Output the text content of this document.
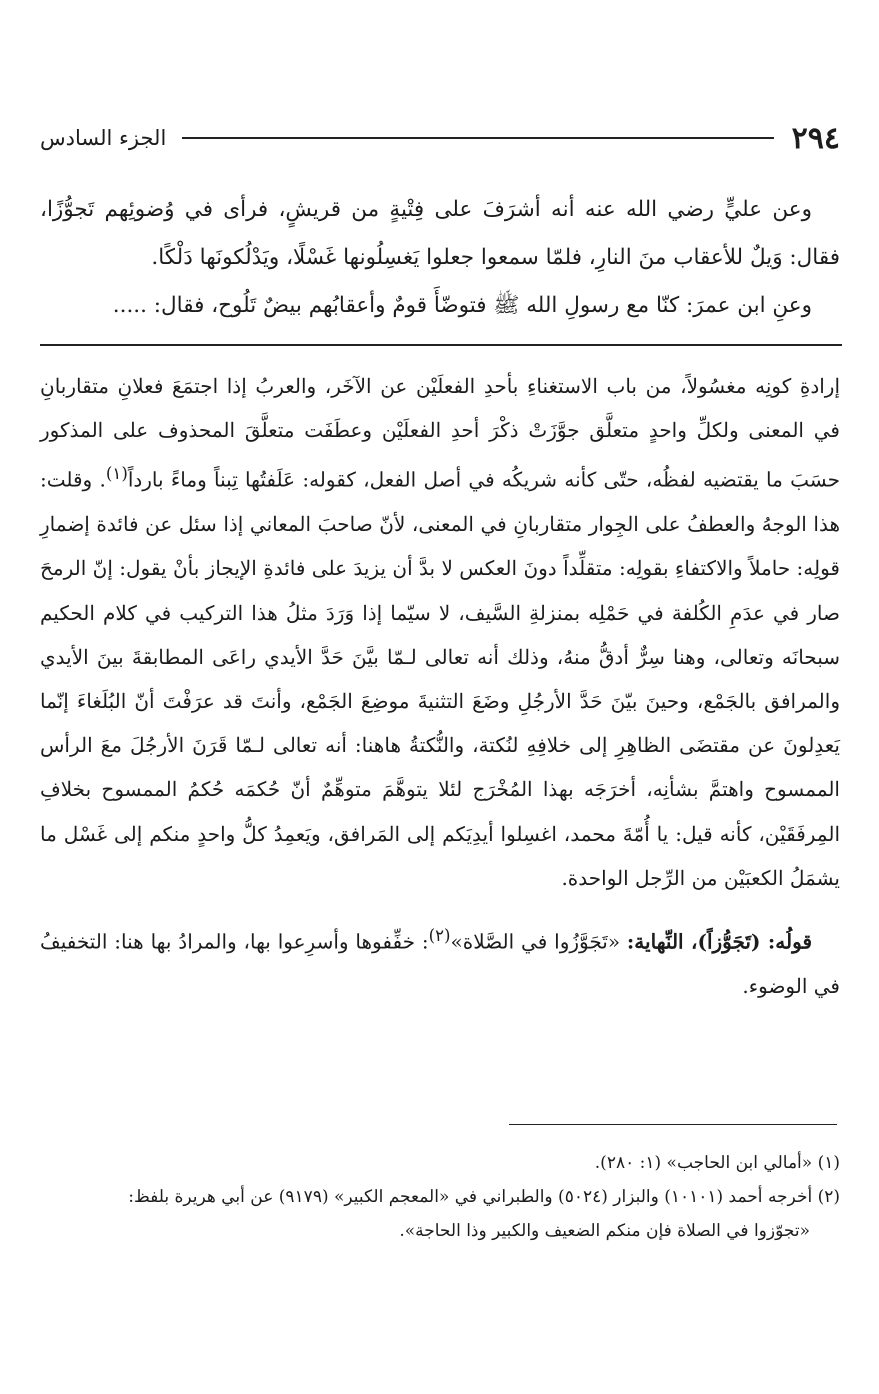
٢٩٤
الجزء السادس

وعن عليٍّ رضي الله عنه أنه أشرَفَ على فِتْيةٍ من قريشٍ، فرأى في وُضوئِهم تَجوُّزًا، فقال: وَيلٌ للأعقاب منَ النارِ، فلمّا سمعوا جعلوا يَغسِلُونها غَسْلًا، ويَدْلُكونَها دَلْكًا.

وعنِ ابن عمرَ: كنّا مع رسولِ الله ﷺ فتوضّأَ قومٌ وأعقابُهم بيضٌ تَلُوح، فقال: .....

إرادةِ كونِه مغسُولاً، من باب الاستغناءِ بأحدِ الفعلَيْن عن الآخَر، والعربُ إذا اجتمَعَ فعلانِ متقاربانِ في المعنى ولكلِّ واحدٍ متعلَّق جوَّزَتْ ذكْرَ أحدِ الفعلَيْن وعطَفَت متعلَّقَ المحذوف على المذكور حسَبَ ما يقتضيه لفظُه، حتّى كأنه شريكُه في أصل الفعل، كقوله: عَلَفتُها تِبناً وماءً بارداً$^{(١)}$. وقلت: هذا الوجهُ والعطفُ على الجِوار متقاربانِ في المعنى، لأنّ صاحبَ المعاني إذا سئل عن فائدة إضمارِ قولِه: حاملاً والاكتفاءِ بقولِه: متقلِّداً دونَ العكس لا بدَّ أن يزيدَ على فائدةِ الإيجاز بأنْ يقول: إنّ الرمحَ صار في عدَمِ الكُلفة في حَمْلِه بمنزلةِ السَّيف، لا سيّما إذا وَرَدَ مثلُ هذا التركيب في كلام الحكيم سبحانَه وتعالى، وهنا سِرٌّ أدقُّ منهُ، وذلك أنه تعالى لـمّا بيَّنَ حَدَّ الأيدي راعَى المطابقةَ بينَ الأيدي والمرافق بالجَمْع، وحينَ بيّنَ حَدَّ الأرجُلِ وضَعَ التثنيةَ موضِعَ الجَمْع، وأنتَ قد عرَفْتَ أنّ البُلَغاءَ إنّما يَعدِلونَ عن مقتضَى الظاهِرِ إلى خلافِهِ لنُكتة، والنُّكتةُ هاهنا: أنه تعالى لـمّا قَرَنَ الأرجُلَ معَ الرأس الممسوح واهتمَّ بشأنِه، أخرَجَه بهذا المُخْرَج لئلا يتوهَّمَ متوهِّمٌ أنّ حُكمَه حُكمُ الممسوح بخلافِ المِرفَقَيْن، كأنه قيل: يا أُمّةَ محمد، اغسِلوا أيدِيَكم إلى المَرافق، ويَعمِدُ كلُّ واحدٍ منكم إلى غَسْل ما يشمَلُ الكعبَيْن من الرِّجل الواحدة.

قولُه: (تَجَوُّزاً)، النِّهاية: «تَجَوَّزُوا في الصَّلاة»$^{(٢)}$: خفِّفوها وأسرِعوا بها، والمرادُ بها هنا: التخفيفُ في الوضوء.

(١) «أمالي ابن الحاجب» (١: ٢٨٠).

(٢) أخرجه أحمد (١٠١٠١) والبزار (٥٠٢٤) والطبراني في «المعجم الكبير» (٩١٧٩) عن أبي هريرة بلفظ:

«تجوّزوا في الصلاة فإن منكم الضعيف والكبير وذا الحاجة».
